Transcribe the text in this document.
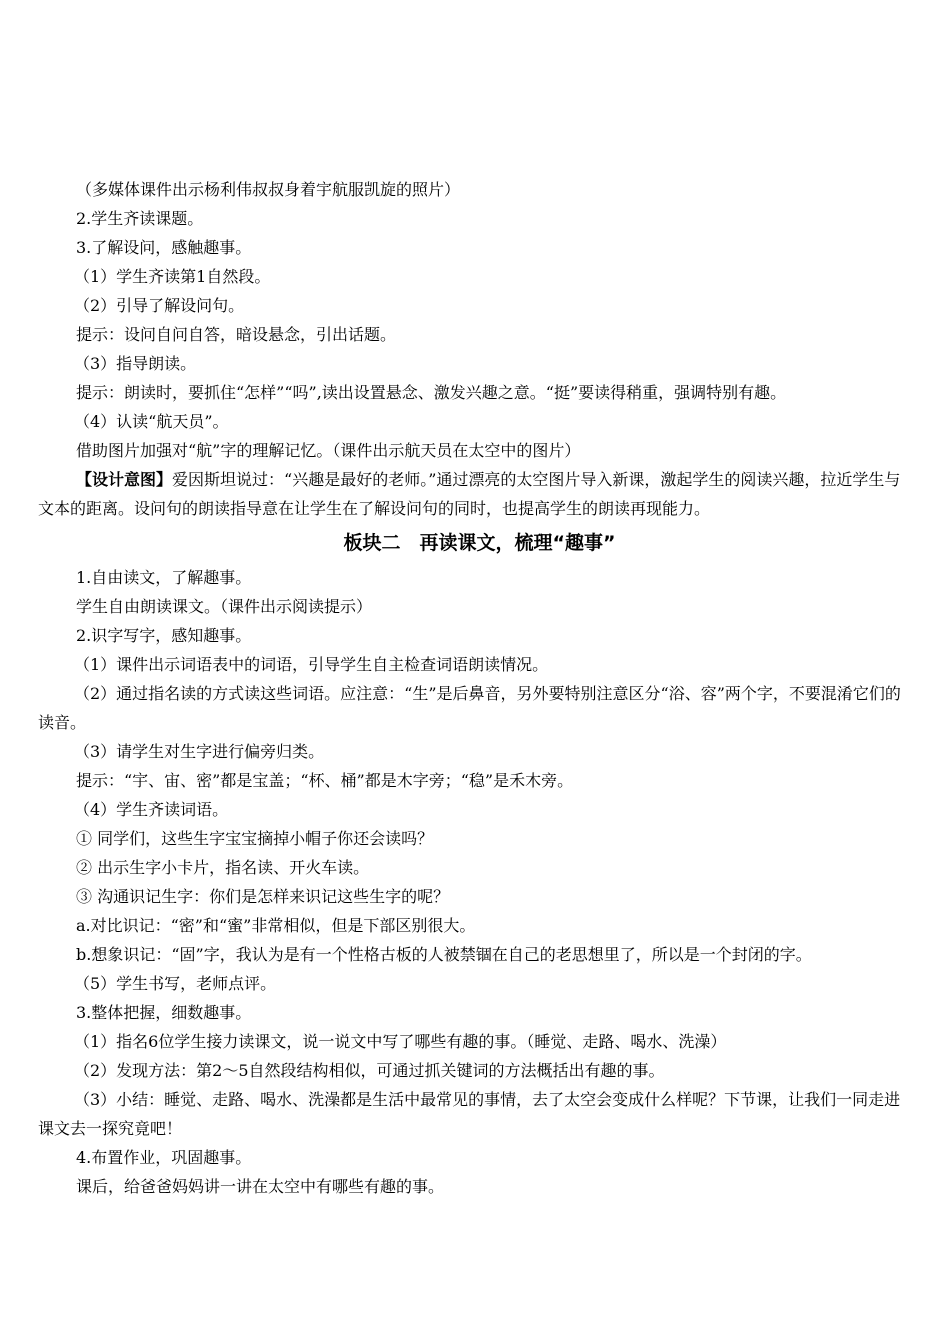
（多媒体课件出示杨利伟叔叔身着宇航服凯旋的照片）

2.学生齐读课题。

3.了解设问，感触趣事。

（1）学生齐读第1自然段。

（2）引导了解设问句。

提示：设问自问自答，暗设悬念，引出话题。

（3）指导朗读。

提示：朗读时，要抓住“怎样”“吗”,读出设置悬念、激发兴趣之意。“挺”要读得稍重，强调特别有趣。

（4）认读“航天员”。

借助图片加强对“航”字的理解记忆。（课件出示航天员在太空中的图片）

【设计意图】爱因斯坦说过：“兴趣是最好的老师。”通过漂亮的太空图片导入新课，激起学生的阅读兴趣，拉近学生与文本的距离。设问句的朗读指导意在让学生在了解设问句的同时，也提高学生的朗读再现能力。

板块二　再读课文，梳理“趣事”

1.自由读文，了解趣事。

学生自由朗读课文。（课件出示阅读提示）

2.识字写字，感知趣事。

（1）课件出示词语表中的词语，引导学生自主检查词语朗读情况。

（2）通过指名读的方式读这些词语。应注意：“生”是后鼻音，另外要特别注意区分“浴、容”两个字，不要混淆它们的读音。

（3）请学生对生字进行偏旁归类。

提示：“宇、宙、密”都是宝盖；“杯、桶”都是木字旁；“稳”是禾木旁。

（4）学生齐读词语。

① 同学们，这些生字宝宝摘掉小帽子你还会读吗？

② 出示生字小卡片，指名读、开火车读。

③ 沟通识记生字：你们是怎样来识记这些生字的呢？

a.对比识记：“密”和“蜜”非常相似，但是下部区别很大。

b.想象识记：“固”字，我认为是有一个性格古板的人被禁锢在自己的老思想里了，所以是一个封闭的字。

（5）学生书写，老师点评。

3.整体把握，细数趣事。

（1）指名6位学生接力读课文，说一说文中写了哪些有趣的事。（睡觉、走路、喝水、洗澡）

（2）发现方法：第2～5自然段结构相似，可通过抓关键词的方法概括出有趣的事。

（3）小结：睡觉、走路、喝水、洗澡都是生活中最常见的事情，去了太空会变成什么样呢？下节课，让我们一同走进课文去一探究竟吧！

4.布置作业，巩固趣事。

课后，给爸爸妈妈讲一讲在太空中有哪些有趣的事。
